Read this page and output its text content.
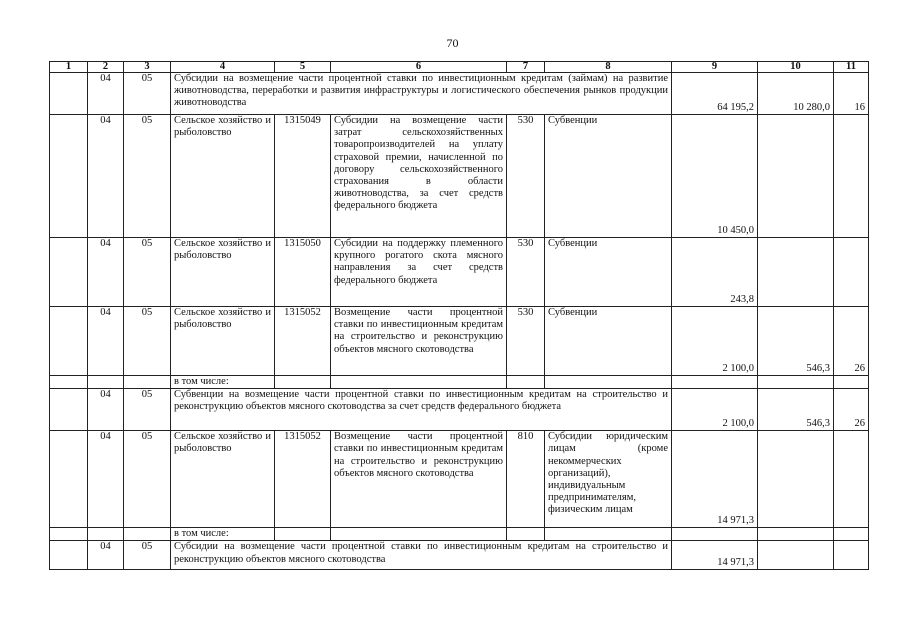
70
1	2	3	4	5	6	7	8	9	10	11
	04	05	Субсидии на возмещение части процентной ставки по инвестиционным кредитам (займам) на развитие животноводства, переработки и развития инфраструктуры и логистического обеспечения рынков продукции животноводства					64 195,2	10 280,0	16
	04	05	Сельское хозяйство и рыболовство	1315049	Субсидии на возмещение части затрат сельскохозяйственных товаропроизводителей на уплату страховой премии, начисленной по договору сельскохозяйственного страхования в области животноводства, за счет средств федерального бюджета	530	Субвенции	10 450,0		
	04	05	Сельское хозяйство и рыболовство	1315050	Субсидии на поддержку племенного крупного рогатого скота мясного направления за счет средств федерального бюджета	530	Субвенции	243,8		
	04	05	Сельское хозяйство и рыболовство	1315052	Возмещение части процентной ставки по инвестиционным кредитам на строительство и реконструкцию объектов мясного скотоводства	530	Субвенции	2 100,0	546,3	26
			в том числе:							
	04	05	Субвенции на возмещение части процентной ставки по инвестиционным кредитам на строительство и реконструкцию объектов мясного скотоводства за счет средств федерального бюджета					2 100,0	546,3	26
	04	05	Сельское хозяйство и рыболовство	1315052	Возмещение части процентной ставки по инвестиционным кредитам на строительство и реконструкцию объектов мясного скотоводства	810	Субсидии юридическим лицам (кроме некоммерческих организаций), индивидуальным предпринимателям, физическим лицам	14 971,3		
			в том числе:							
	04	05	Субсидии на возмещение части процентной ставки по инвестиционным кредитам на строительство и реконструкцию объектов мясного скотоводства					14 971,3		
